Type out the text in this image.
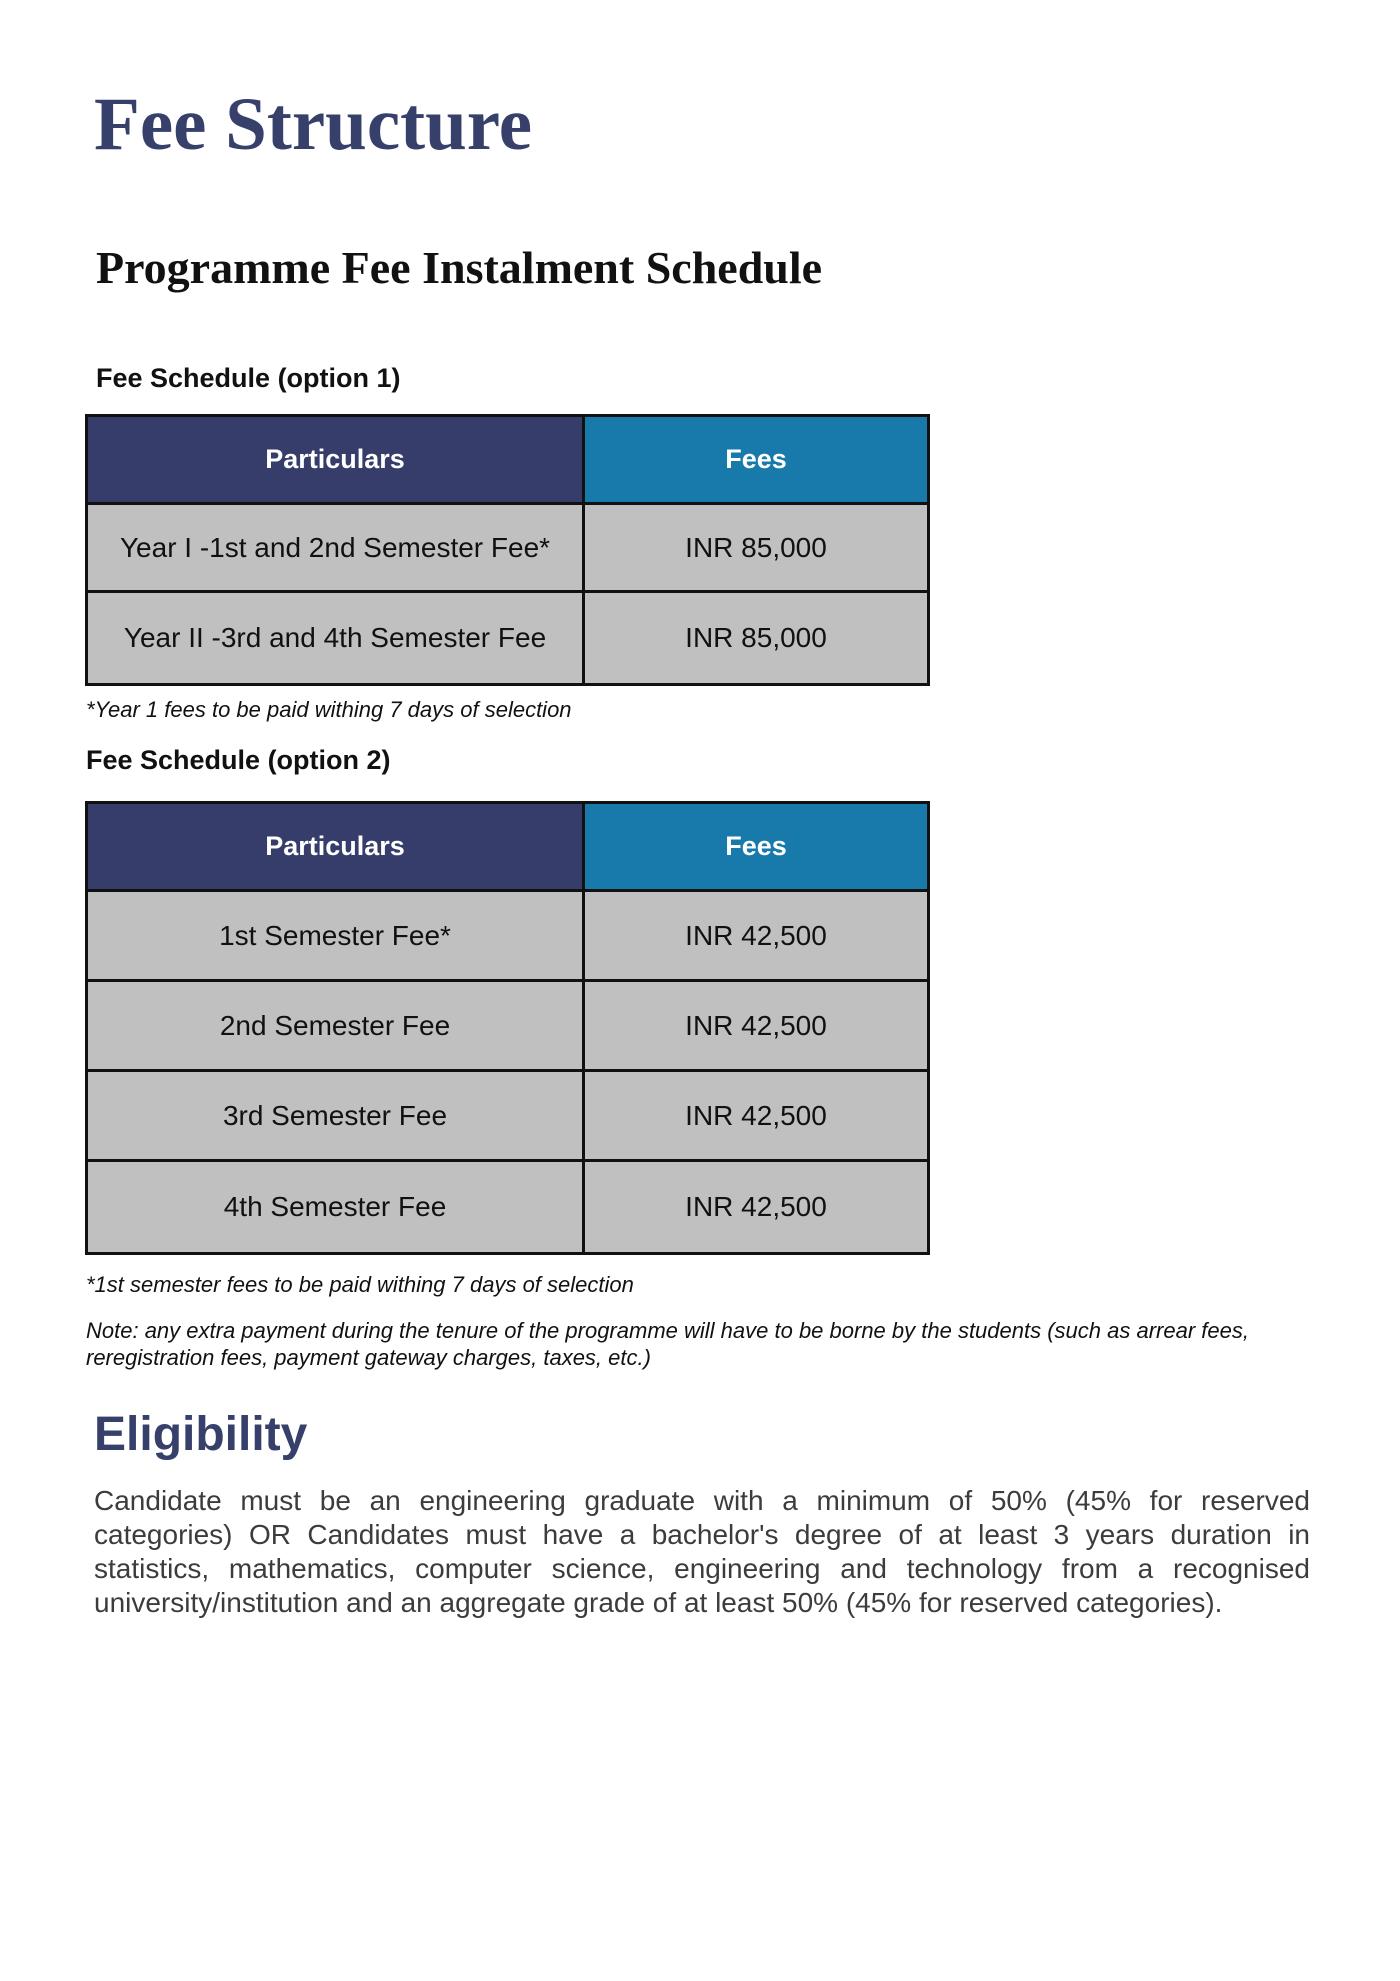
Fee Structure
Programme Fee Instalment Schedule
Fee Schedule (option 1)
Particulars	Fees
Year I -1st and 2nd Semester Fee*	INR 85,000
Year II -3rd and 4th Semester Fee	INR 85,000

*Year 1 fees to be paid withing 7 days of selection

Fee Schedule (option 2)
Particulars	Fees
1st Semester Fee*	INR 42,500
2nd Semester Fee	INR 42,500
3rd Semester Fee	INR 42,500
4th Semester Fee	INR 42,500

*1st semester fees to be paid withing 7 days of selection

Note: any extra payment during the tenure of the programme will have to be borne by the students (such as arrear fees, reregistration fees, payment gateway charges, taxes, etc.)

Eligibility

Candidate must be an engineering graduate with a minimum of 50% (45% for reserved categories) OR Candidates must have a bachelor's degree of at least 3 years duration in statistics, mathematics, computer science, engineering and technology from a recognised university/institution and an aggregate grade of at least 50% (45% for reserved categories).
